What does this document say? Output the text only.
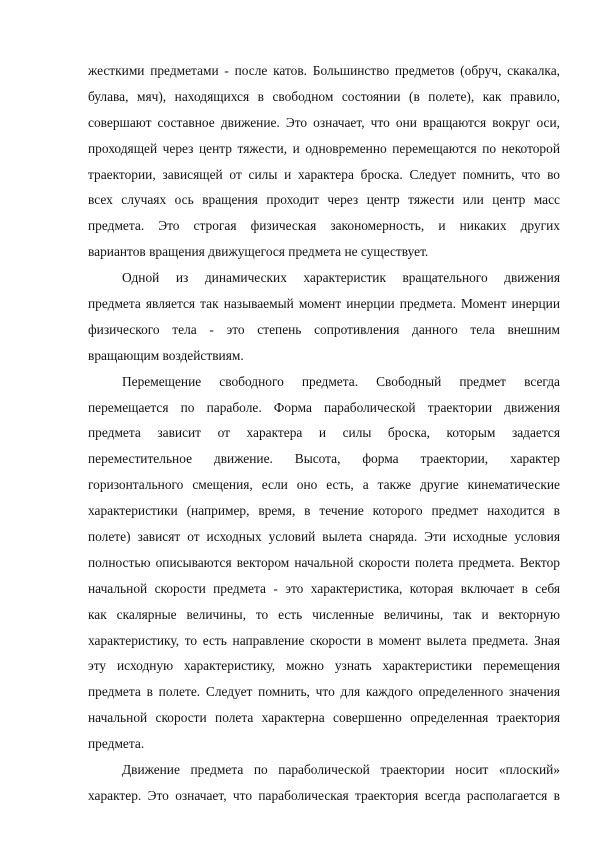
жесткими предметами - после катов. Большинство предметов (обруч, скакалка,
булава, мяч), находящихся в свободном состоянии (в полете), как правило,
совершают составное движение. Это означает, что они вращаются вокруг оси,
проходящей через центр тяжести, и одновременно перемещаются по некоторой
траектории, зависящей от силы и характера броска. Следует помнить, что во
всех случаях ось вращения проходит через центр тяжести или центр масс
предмета. Это строгая физическая закономерность, и никаких других
вариантов вращения движущегося предмета не существует.
Одной из динамических характеристик вращательного движения
предмета является так называемый момент инерции предмета. Момент инерции
физического тела - это степень сопротивления данного тела внешним
вращающим воздействиям.
Перемещение свободного предмета. Свободный предмет всегда
перемещается по параболе. Форма параболической траектории движения
предмета зависит от характера и силы броска, которым задается
переместительное движение. Высота, форма траектории, характер
горизонтального смещения, если оно есть, а также другие кинематические
характеристики (например, время, в течение которого предмет находится в
полете) зависят от исходных условий вылета снаряда. Эти исходные условия
полностью описываются вектором начальной скорости полета предмета. Вектор
начальной скорости предмета - это характеристика, которая включает в себя
как скалярные величины, то есть численные величины, так и векторную
характеристику, то есть направление скорости в момент вылета предмета. Зная
эту исходную характеристику, можно узнать характеристики перемещения
предмета в полете. Следует помнить, что для каждого определенного значения
начальной скорости полета характерна совершенно определенная траектория
предмета.
Движение предмета по параболической траектории носит «плоский»
характер. Это означает, что параболическая траектория всегда располагается в
